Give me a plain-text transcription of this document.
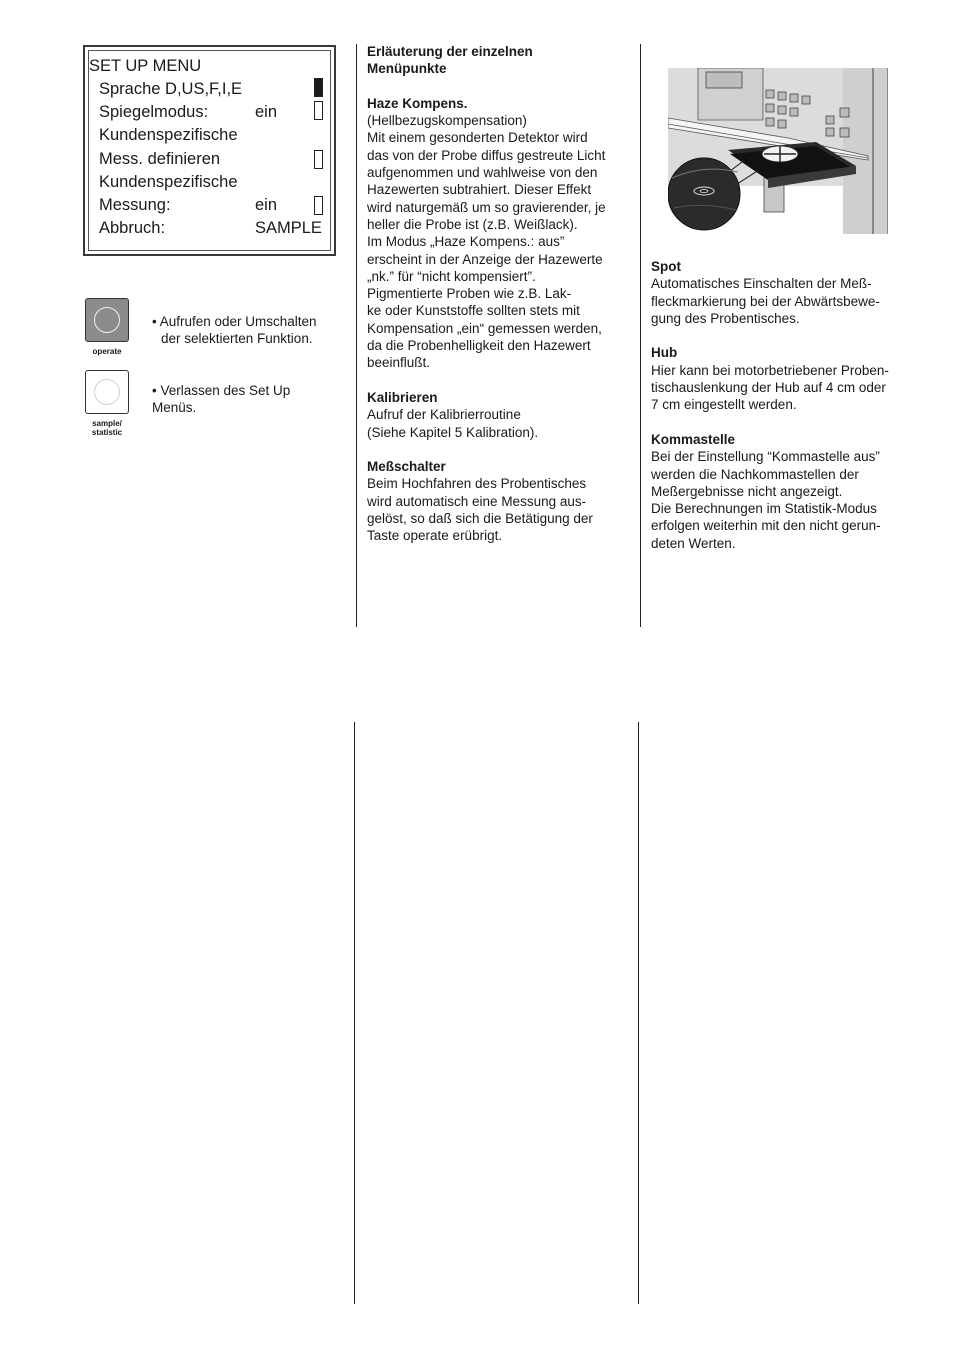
SET UP MENU
Sprache D,US,F,I,E
Spiegelmodus:	ein
Kundenspezifische
Mess. definieren
Kundenspezifische
Messung:	ein
Abbruch:	SAMPLE
operate
• Aufrufen oder Umschalten
der selektierten Funktion.
sample/
statistic
• Verlassen des Set Up
Menüs.

Erläuterung der einzelnen
Menüpunkte

Haze Kompens.
(Hellbezugskompensation)
Mit einem gesonderten Detektor wird
das von der Probe diffus gestreute Licht
aufgenommen und wahlweise von den
Hazewerten subtrahiert. Dieser Effekt
wird naturgemäß um so gravierender, je
heller die Probe ist (z.B. Weißlack).
Im Modus „Haze Kompens.: aus”
erscheint in der Anzeige der Hazewerte
„nk.” für “nicht kompensiert”.
Pigmentierte Proben wie z.B. Lak-
ke oder Kunststoffe sollten stets mit
Kompensation „ein“ gemessen werden,
da die Probenhelligkeit den Hazewert
beeinflußt.

Kalibrieren
Aufruf der Kalibrierroutine
(Siehe Kapitel 5 Kalibration).

Meßschalter
Beim Hochfahren des Probentisches
wird automatisch eine Messung aus-
gelöst, so daß sich die Betätigung der
Taste operate erübrigt.

Spot
Automatisches Einschalten der Meß-
fleckmarkierung bei der Abwärtsbewe-
gung des Probentisches.

Hub
Hier kann bei motorbetriebener Proben-
tischauslenkung der Hub auf 4 cm oder
7 cm eingestellt werden.

Kommastelle
Bei der Einstellung “Kommastelle aus”
werden die Nachkommastellen der
Meßergebnisse nicht angezeigt.
Die Berechnungen im Statistik-Modus
erfolgen weiterhin mit den nicht gerun-
deten Werten.
